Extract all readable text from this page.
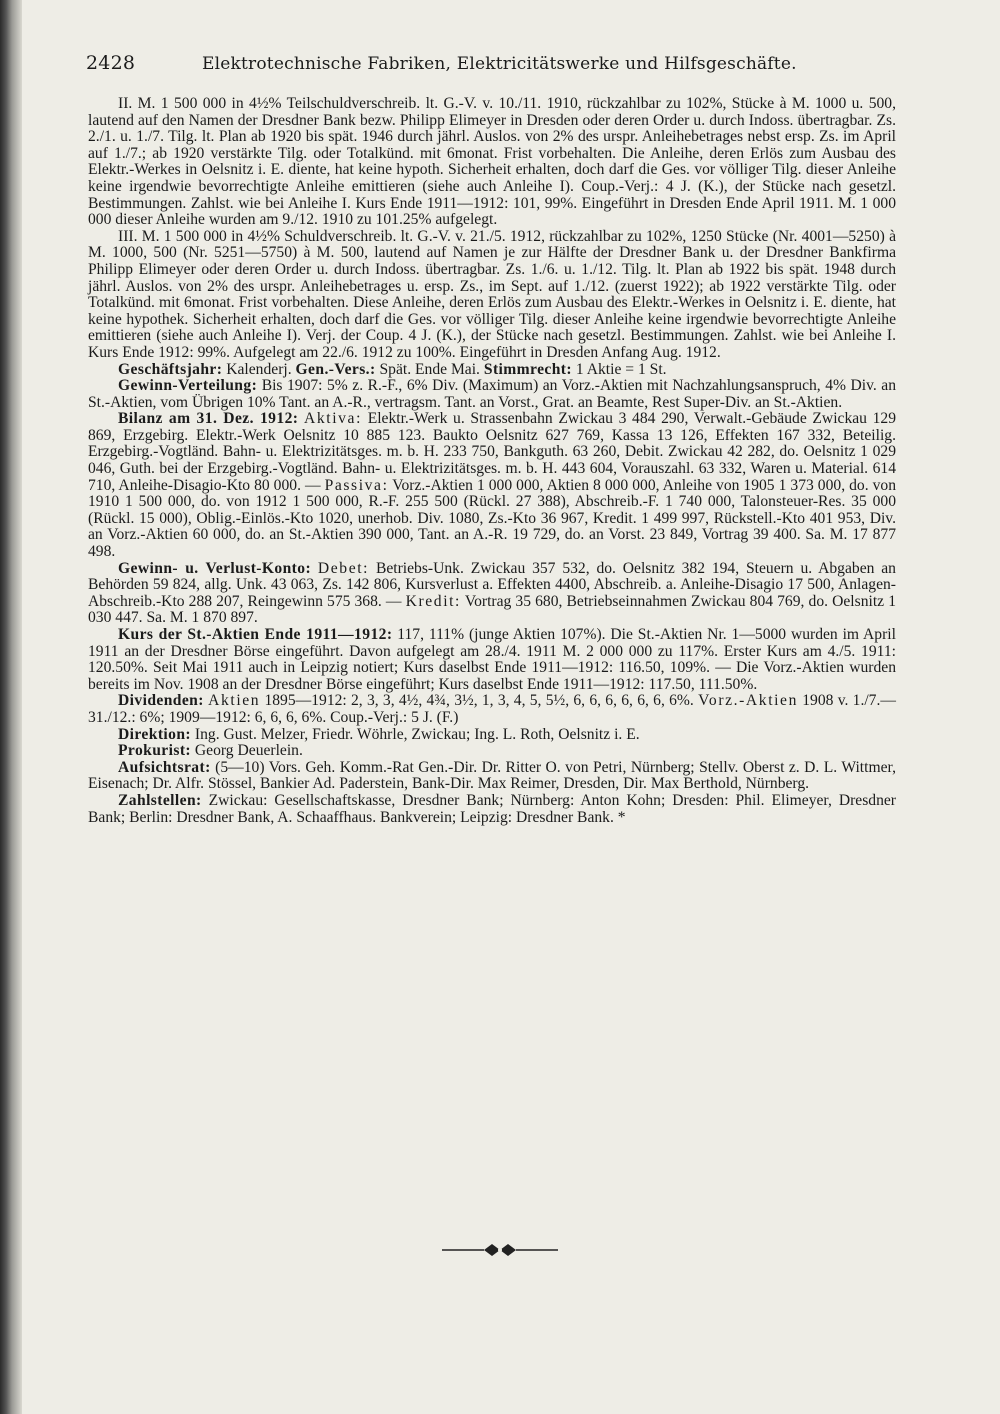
2428	Elektrotechnische Fabriken, Elektricitätswerke und Hilfsgeschäfte.

II. M. 1 500 000 in 4½% Teilschuldverschreib. lt. G.-V. v. 10./11. 1910, rückzahlbar zu 102%, Stücke à M. 1000 u. 500, lautend auf den Namen der Dresdner Bank bezw. Philipp Elimeyer in Dresden oder deren Order u. durch Indoss. übertragbar. Zs. 2./1. u. 1./7. Tilg. lt. Plan ab 1920 bis spät. 1946 durch jährl. Auslos. von 2% des urspr. Anleihebetrages nebst ersp. Zs. im April auf 1./7.; ab 1920 verstärkte Tilg. oder Totalkünd. mit 6monat. Frist vorbehalten. Die Anleihe, deren Erlös zum Ausbau des Elektr.-Werkes in Oelsnitz i. E. diente, hat keine hypoth. Sicherheit erhalten, doch darf die Ges. vor völliger Tilg. dieser Anleihe keine irgendwie bevorrechtigte Anleihe emittieren (siehe auch Anleihe I). Coup.-Verj.: 4 J. (K.), der Stücke nach gesetzl. Bestimmungen. Zahlst. wie bei Anleihe I. Kurs Ende 1911—1912: 101, 99%. Eingeführt in Dresden Ende April 1911. M. 1 000 000 dieser Anleihe wurden am 9./12. 1910 zu 101.25% aufgelegt.

III. M. 1 500 000 in 4½% Schuldverschreib. lt. G.-V. v. 21./5. 1912, rückzahlbar zu 102%, 1250 Stücke (Nr. 4001—5250) à M. 1000, 500 (Nr. 5251—5750) à M. 500, lautend auf Namen je zur Hälfte der Dresdner Bank u. der Dresdner Bankfirma Philipp Elimeyer oder deren Order u. durch Indoss. übertragbar. Zs. 1./6. u. 1./12. Tilg. lt. Plan ab 1922 bis spät. 1948 durch jährl. Auslos. von 2% des urspr. Anleihebetrages u. ersp. Zs., im Sept. auf 1./12. (zuerst 1922); ab 1922 verstärkte Tilg. oder Totalkünd. mit 6monat. Frist vorbehalten. Diese Anleihe, deren Erlös zum Ausbau des Elektr.-Werkes in Oelsnitz i. E. diente, hat keine hypothek. Sicherheit erhalten, doch darf die Ges. vor völliger Tilg. dieser Anleihe keine irgendwie bevorrechtigte Anleihe emittieren (siehe auch Anleihe I). Verj. der Coup. 4 J. (K.), der Stücke nach gesetzl. Bestimmungen. Zahlst. wie bei Anleihe I. Kurs Ende 1912: 99%. Aufgelegt am 22./6. 1912 zu 100%. Eingeführt in Dresden Anfang Aug. 1912.

Geschäftsjahr: Kalenderj. Gen.-Vers.: Spät. Ende Mai. Stimmrecht: 1 Aktie = 1 St.

Gewinn-Verteilung: Bis 1907: 5% z. R.-F., 6% Div. (Maximum) an Vorz.-Aktien mit Nachzahlungsanspruch, 4% Div. an St.-Aktien, vom Übrigen 10% Tant. an A.-R., vertragsm. Tant. an Vorst., Grat. an Beamte, Rest Super-Div. an St.-Aktien.

Bilanz am 31. Dez. 1912: Aktiva: Elektr.-Werk u. Strassenbahn Zwickau 3 484 290, Verwalt.-Gebäude Zwickau 129 869, Erzgebirg. Elektr.-Werk Oelsnitz 10 885 123. Baukto Oelsnitz 627 769, Kassa 13 126, Effekten 167 332, Beteilig. Erzgebirg.-Vogtländ. Bahn- u. Elektrizitätsges. m. b. H. 233 750, Bankguth. 63 260, Debit. Zwickau 42 282, do. Oelsnitz 1 029 046, Guth. bei der Erzgebirg.-Vogtländ. Bahn- u. Elektrizitätsges. m. b. H. 443 604, Vorauszahl. 63 332, Waren u. Material. 614 710, Anleihe-Disagio-Kto 80 000. — Passiva: Vorz.-Aktien 1 000 000, Aktien 8 000 000, Anleihe von 1905 1 373 000, do. von 1910 1 500 000, do. von 1912 1 500 000, R.-F. 255 500 (Rückl. 27 388), Abschreib.-F. 1 740 000, Talonsteuer-Res. 35 000 (Rückl. 15 000), Oblig.-Einlös.-Kto 1020, unerhob. Div. 1080, Zs.-Kto 36 967, Kredit. 1 499 997, Rückstell.-Kto 401 953, Div. an Vorz.-Aktien 60 000, do. an St.-Aktien 390 000, Tant. an A.-R. 19 729, do. an Vorst. 23 849, Vortrag 39 400. Sa. M. 17 877 498.

Gewinn- u. Verlust-Konto: Debet: Betriebs-Unk. Zwickau 357 532, do. Oelsnitz 382 194, Steuern u. Abgaben an Behörden 59 824, allg. Unk. 43 063, Zs. 142 806, Kursverlust a. Effekten 4400, Abschreib. a. Anleihe-Disagio 17 500, Anlagen-Abschreib.-Kto 288 207, Reingewinn 575 368. — Kredit: Vortrag 35 680, Betriebseinnahmen Zwickau 804 769, do. Oelsnitz 1 030 447. Sa. M. 1 870 897.

Kurs der St.-Aktien Ende 1911—1912: 117, 111% (junge Aktien 107%). Die St.-Aktien Nr. 1—5000 wurden im April 1911 an der Dresdner Börse eingeführt. Davon aufgelegt am 28./4. 1911 M. 2 000 000 zu 117%. Erster Kurs am 4./5. 1911: 120.50%. Seit Mai 1911 auch in Leipzig notiert; Kurs daselbst Ende 1911—1912: 116.50, 109%. — Die Vorz.-Aktien wurden bereits im Nov. 1908 an der Dresdner Börse eingeführt; Kurs daselbst Ende 1911—1912: 117.50, 111.50%.

Dividenden: Aktien 1895—1912: 2, 3, 3, 4½, 4¾, 3½, 1, 3, 4, 5, 5½, 6, 6, 6, 6, 6, 6, 6%. Vorz.-Aktien 1908 v. 1./7.—31./12.: 6%; 1909—1912: 6, 6, 6, 6%. Coup.-Verj.: 5 J. (F.)

Direktion: Ing. Gust. Melzer, Friedr. Wöhrle, Zwickau; Ing. L. Roth, Oelsnitz i. E.

Prokurist: Georg Deuerlein.

Aufsichtsrat: (5—10) Vors. Geh. Komm.-Rat Gen.-Dir. Dr. Ritter O. von Petri, Nürnberg; Stellv. Oberst z. D. L. Wittmer, Eisenach; Dr. Alfr. Stössel, Bankier Ad. Paderstein, Bank-Dir. Max Reimer, Dresden, Dir. Max Berthold, Nürnberg.

Zahlstellen: Zwickau: Gesellschaftskasse, Dresdner Bank; Nürnberg: Anton Kohn; Dresden: Phil. Elimeyer, Dresdner Bank; Berlin: Dresdner Bank, A. Schaaffhaus. Bankverein; Leipzig: Dresdner Bank. *
